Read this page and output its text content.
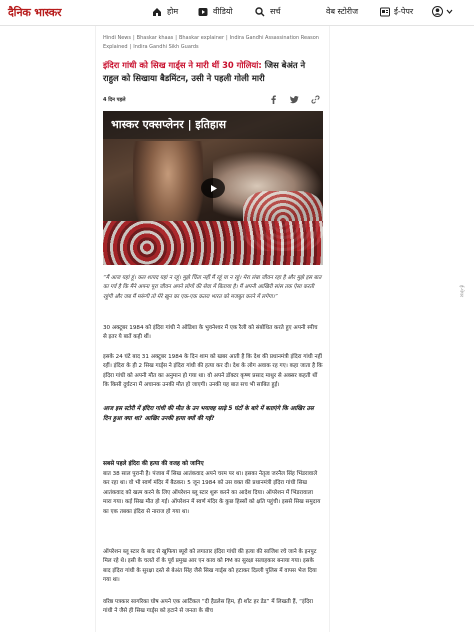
दैनिक भास्कर	होम	वीडियो	सर्च	वेब स्टोरीज	ई-पेपर
Hindi News | Bhaskar khaas | Bhaskar explainer | Indira Gandhi Assassination Reason Explained | Indira Gandhi Sikh Guards
इंदिरा गांधी को सिख गार्ड्स ने मारी थीं 30 गोलियां: जिस बेअंत ने राहुल को सिखाया बैडमिंटन, उसी ने पहली गोली मारी
4 दिन पहले
भास्कर एक्सप्लेनर | इतिहास
“मैं आज यहां हूं। कल शायद यहां न रहूं। मुझे चिंता नहीं मैं रहूं या न रहूं। मेरा लंबा जीवन रहा है और मुझे इस बात का गर्व है कि मैंने अपना पूरा जीवन अपने लोगों की सेवा में बिताया है। मैं अपनी आखिरी सांस तक ऐसा करती रहूंगी और जब मैं मरूंगी तो मेरे खून का एक-एक कतरा भारत को मजबूत करने में लगेगा।”
30 अक्टूबर 1984 को इंदिरा गांधी ने ओडिशा के भुवनेश्वर में एक रैली को संबोधित करते हुए अपनी स्पीच से इतर ये बातें कही थीं।
इसके 24 घंटे बाद 31 अक्टूबर 1984 के दिन शाम को खबर आती है कि देश की प्रधानमंत्री इंदिरा गांधी नहीं रहीं। इंदिरा के ही 2 सिख गार्ड्स ने इंदिरा गांधी की हत्या कर दी। देश के लोग अवाक रह गए। कहा जाता है कि इंदिरा गांधी को अपनी मौत का अनुमान हो गया था। वो अपने डॉक्टर कृष्ण प्रसाद माथुर से अक्सर कहती थीं कि किसी दुर्घटना में अचानक उनकी मौत हो जाएगी। उनकी यह बात सच भी साबित हुई।
आज इस स्टोरी में इंदिरा गांधी की मौत के उन भयावह साढ़े 5 घंटों के बारे में बताएंगे कि आखिर उस दिन हुआ क्या था? आखिर उनकी हत्या क्यों की गई?
सबसे पहले इंदिरा की हत्या की वजह को जानिए
बात 38 साल पुरानी है। पंजाब में सिख आतंकवाद अपने चरम पर था। इसका नेतृत्व जरनैल सिंह भिंडरावाले कर रहा था। वो भी स्वर्ण मंदिर में बैठकर। 5 जून 1984 को उस वक्त की प्रधानमंत्री इंदिरा गांधी सिख आतंकवाद को खत्म करने के लिए ऑपरेशन ब्लू स्टार शुरू करने का आदेश दिया। ऑपरेशन में भिंडरावाला मारा गया। कई सिख मौत हो गई। ऑपरेशन में स्वर्ण मंदिर के कुछ हिस्सों को क्षति पहुंची। इससे सिख समुदाय का एक तबका इंदिरा से नाराज हो गया था।
ऑपरेशन ब्लू स्टार के बाद से खुफिया ब्यूरो को लगातार इंदिरा गांधी की हत्या की साजिश रचे जाने के इनपुट मिल रहे थे। इसी के चलते रॉ के पूर्व प्रमुख आर एन काव को PM का सुरक्षा सलाहकार बनाया गया। इसके बाद इंदिरा गांधी के सुरक्षा दस्ते से बेअंत सिंह जैसे सिख गार्ड्स को हटाकर दिल्ली पुलिस में वापस भेज दिया गया था।
वरिष्ठ पत्रकार सागरिका घोष अपने एक आर्टिकल “दी हैडलेस हिम, ही शॉट हर डेड” में लिखती हैं, “इंदिरा गांधी ने जैसे ही सिख गार्ड्स को हटाने से जनता के बीच
ई-पेपर
